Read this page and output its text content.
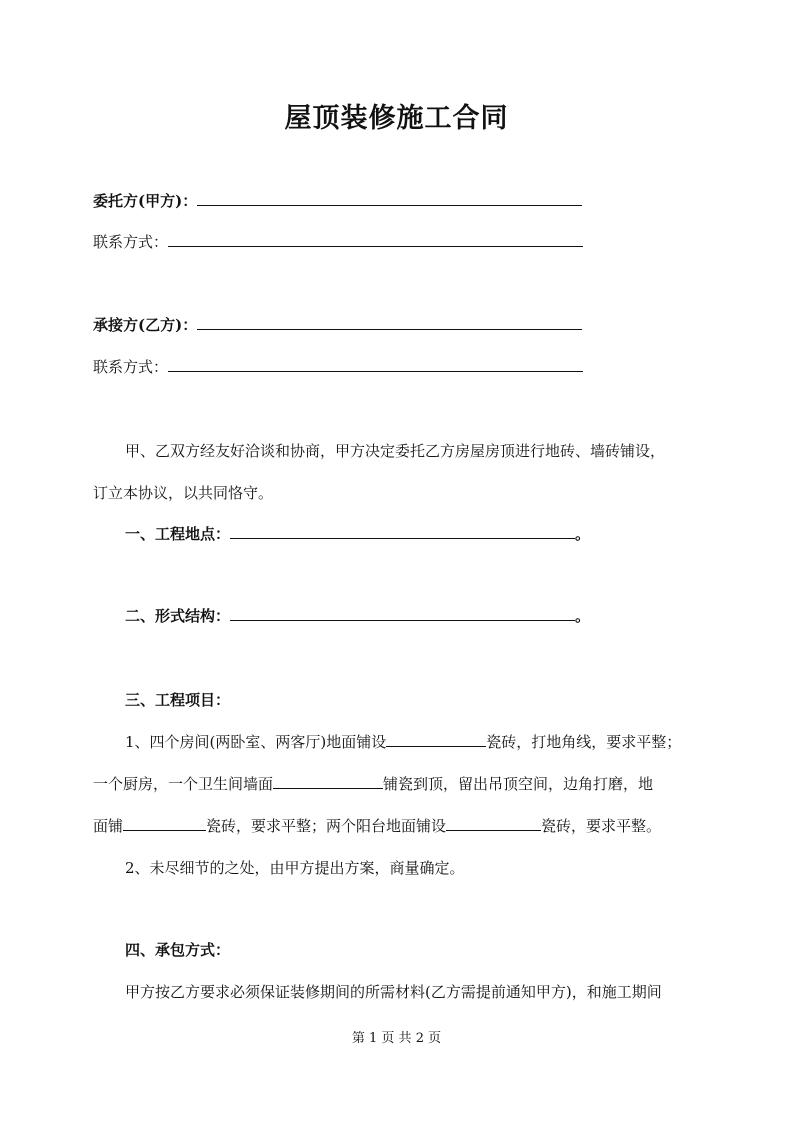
屋顶装修施工合同
委托方(甲方)：
联系方式：
承接方(乙方)：
联系方式：
甲、乙双方经友好洽谈和协商，甲方决定委托乙方房屋房顶进行地砖、墙砖铺设，
订立本协议，以共同恪守。
一、工程地点：	。
二、形式结构：	。
三、工程项目：
1、四个房间(两卧室、两客厅)地面铺设	瓷砖，打地角线，要求平整；
一个厨房，一个卫生间墙面	铺瓷到顶，留出吊顶空间，边角打磨，地
面铺	瓷砖，要求平整；两个阳台地面铺设	瓷砖，要求平整。
2、未尽细节的之处，由甲方提出方案，商量确定。
四、承包方式：
甲方按乙方要求必须保证装修期间的所需材料(乙方需提前通知甲方)，和施工期间
第 1 页 共 2 页
